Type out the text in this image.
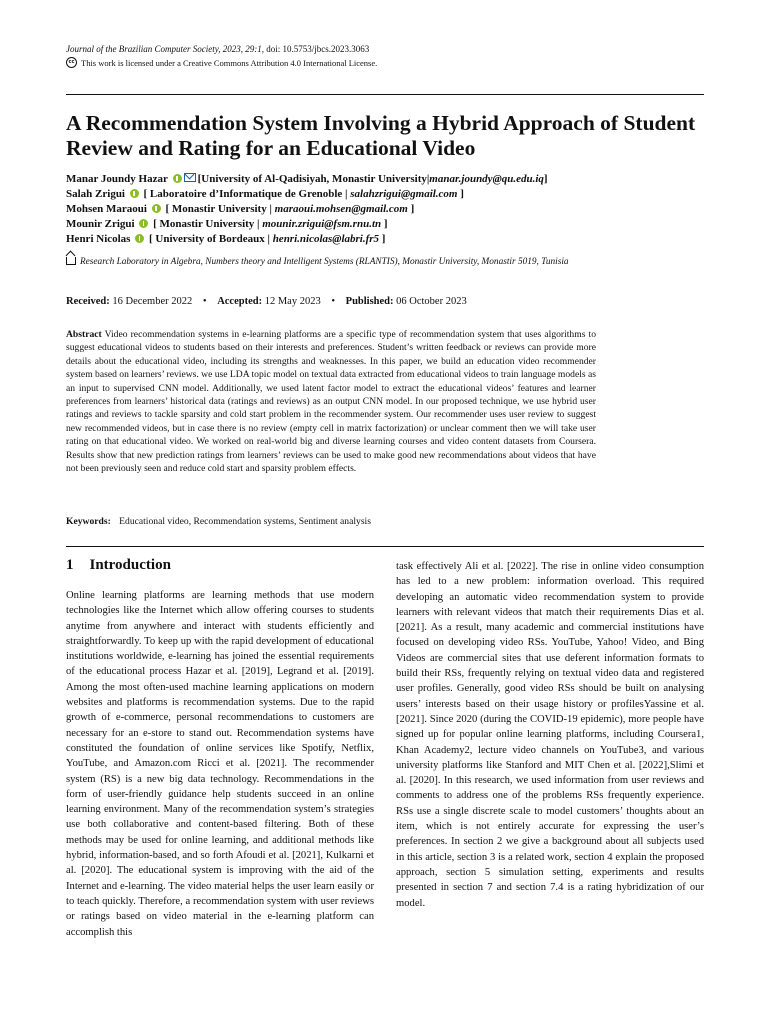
Journal of the Brazilian Computer Society, 2023, 29:1, doi: 10.5753/jbcs.2023.3063
cc This work is licensed under a Creative Commons Attribution 4.0 International License.
A Recommendation System Involving a Hybrid Approach of Student Review and Rating for an Educational Video
Manar Joundy Hazar	[University of Al-Qadisiyah, Monastir University|manar.joundy@qu.edu.iq]
Salah Zrigui [ Laboratoire d’Informatique de Grenoble | salahzrigui@gmail.com ]
Mohsen Maraoui [ Monastir University | maraoui.mohsen@gmail.com ]
Mounir Zrigui [ Monastir University | mounir.zrigui@fsm.rnu.tn ]
Henri Nicolas [ University of Bordeaux | henri.nicolas@labri.fr5 ]
Research Laboratory in Algebra, Numbers theory and Intelligent Systems (RLANTIS), Monastir University, Monastir 5019, Tunisia
Received: 16 December 2022 • Accepted: 12 May 2023 • Published: 06 October 2023
Abstract Video recommendation systems in e-learning platforms are a specific type of recommendation system that uses algorithms to suggest educational videos to students based on their interests and preferences. Student’s written feedback or reviews can provide more details about the educational video, including its strengths and weaknesses. In this paper, we build an education video recommender system based on learners’ reviews. we use LDA topic model on textual data extracted from educational videos to train language models as an input to supervised CNN model. Additionally, we used latent factor model to extract the educational videos’ features and learner preferences from learners’ historical data (ratings and reviews) as an output CNN model. In our proposed technique, we use hybrid user ratings and reviews to tackle sparsity and cold start problem in the recommender system. Our recommender uses user review to suggest new recommended videos, but in case there is no review (empty cell in matrix factorization) or unclear comment then we will take user rating on that educational video. We worked on real-world big and diverse learning courses and video content datasets from Coursera. Results show that new prediction ratings from learners’ reviews can be used to make good new recommendations about videos that have not been previously seen and reduce cold start and sparsity problem effects.
Keywords: Educational video, Recommendation systems, Sentiment analysis
1 Introduction

Online learning platforms are learning methods that use modern technologies like the Internet which allow offering courses to students anytime from anywhere and interact with students efficiently and straightforwardly. To keep up with the rapid development of educational institutions worldwide, e-learning has joined the essential requirements of the educational process Hazar et al. [2019], Legrand et al. [2019]. Among the most often-used machine learning applications on modern websites and platforms is recommendation systems. Due to the rapid growth of e-commerce, personal recommendations to customers are necessary for an e-store to stand out. Recommendation systems have constituted the foundation of online services like Spotify, Netflix, YouTube, and Amazon.com Ricci et al. [2021]. The recommender system (RS) is a new big data technology. Recommendations in the form of user-friendly guidance help students succeed in an online learning environment. Many of the recommendation system’s strategies use both collaborative and content-based filtering. Both of these methods may be used for online learning, and additional methods like hybrid, information-based, and so forth Afoudi et al. [2021], Kulkarni et al. [2020]. The educational system is improving with the aid of the Internet and e-learning. The video material helps the user learn easily or to teach quickly. Therefore, a recommendation system with user reviews or ratings based on video material in the e-learning platform can accomplish this

task effectively Ali et al. [2022]. The rise in online video consumption has led to a new problem: information overload. This required developing an automatic video recommendation system to provide learners with relevant videos that match their requirements Dias et al. [2021]. As a result, many academic and commercial institutions have focused on developing video RSs. YouTube, Yahoo! Video, and Bing Videos are commercial sites that use deferent information formats to build their RSs, frequently relying on textual video data and registered user profiles. Generally, good video RSs should be built on analysing users’ interests based on their usage history or profilesYassine et al. [2021]. Since 2020 (during the COVID-19 epidemic), more people have signed up for popular online learning platforms, including Coursera1, Khan Academy2, lecture video channels on YouTube3, and various university platforms like Stanford and MIT Chen et al. [2022],Slimi et al. [2020]. In this research, we used information from user reviews and comments to address one of the problems RSs frequently experience. RSs use a single discrete scale to model customers’ thoughts about an item, which is not entirely accurate for expressing the user’s preferences. In section 2 we give a background about all subjects used in this article, section 3 is a related work, section 4 explain the proposed approach, section 5 simulation setting, experiments and results presented in section 7 and section 7.4 is a rating hybridization of our model.
